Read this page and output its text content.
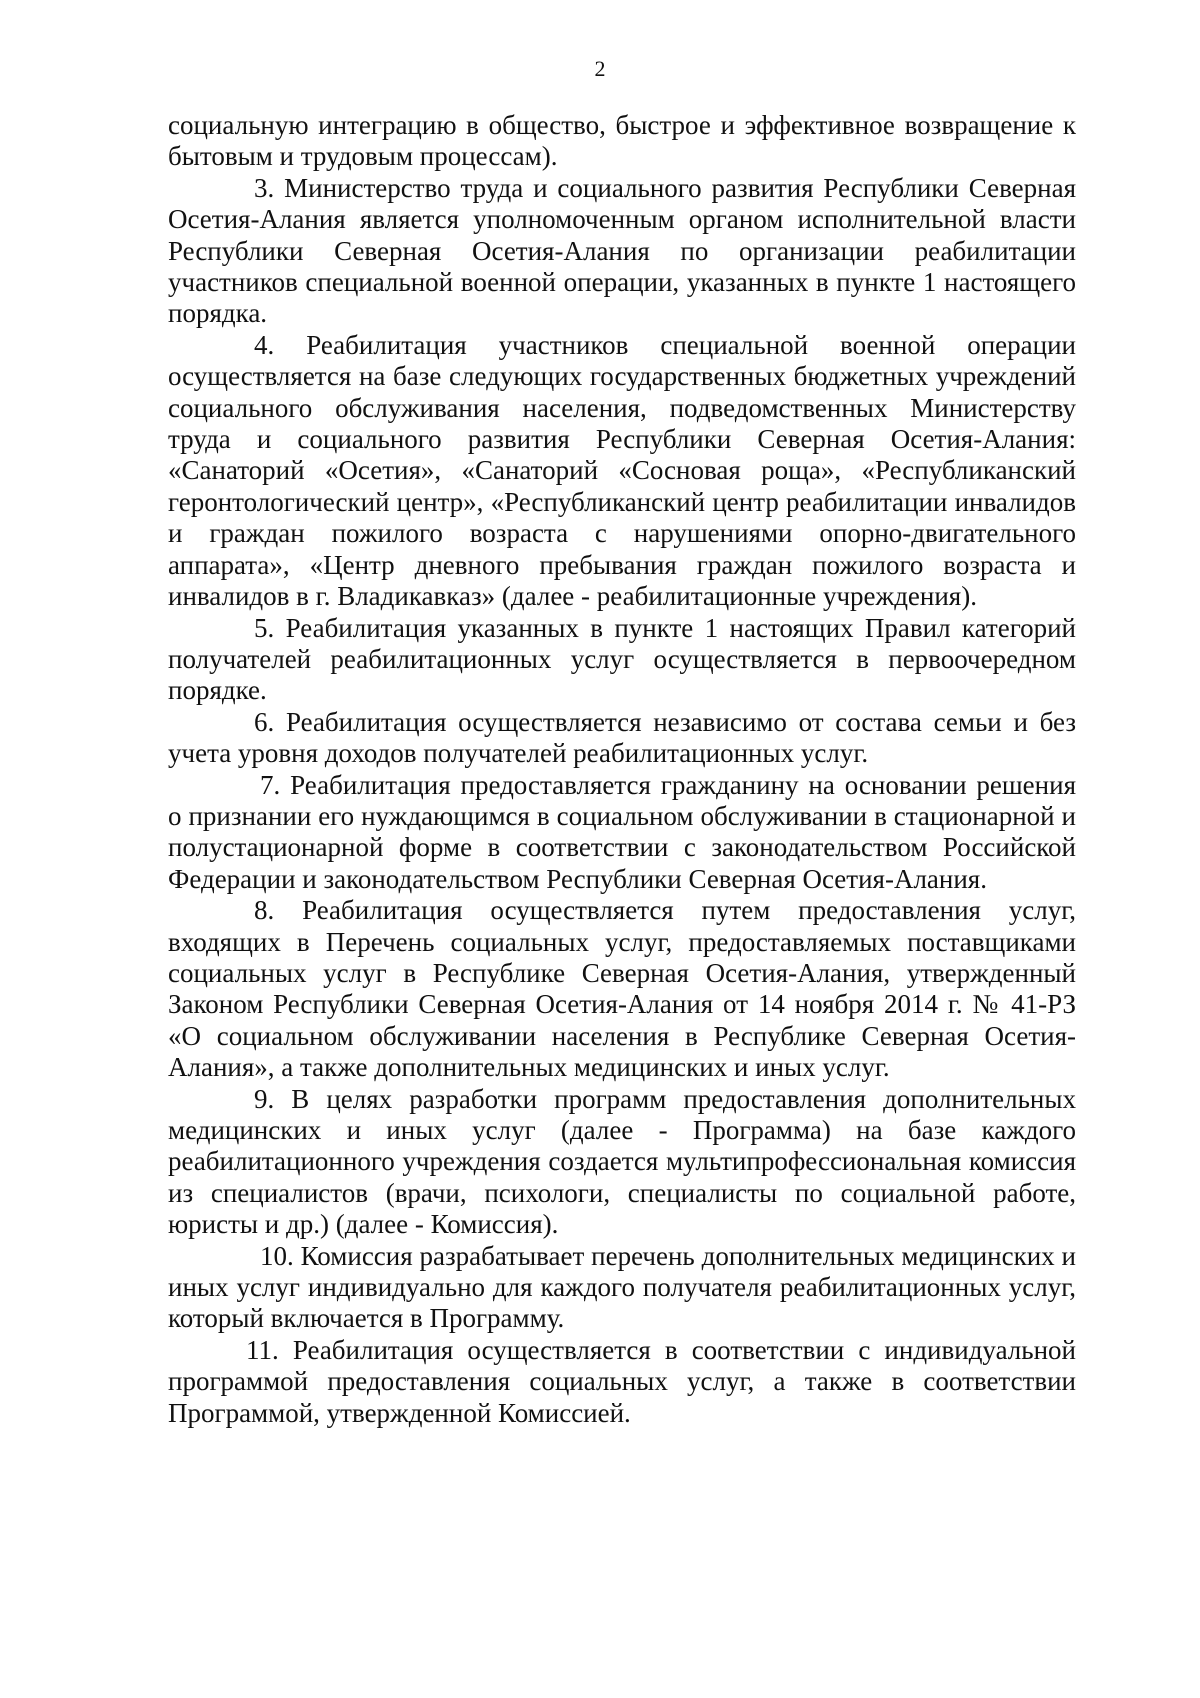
2

социальную интеграцию в общество, быстрое и эффективное возвращение к бытовым и трудовым процессам).

3. Министерство труда и социального развития Республики Северная Осетия-Алания является уполномоченным органом исполнительной власти Республики Северная Осетия-Алания по организации реабилитации участников специальной военной операции, указанных в пункте 1 настоящего порядка.

4. Реабилитация участников специальной военной операции осуществляется на базе следующих государственных бюджетных учреждений социального обслуживания населения, подведомственных Министерству труда и социального развития Республики Северная Осетия-Алания: «Санаторий «Осетия», «Санаторий «Сосновая роща», «Республиканский геронтологический центр», «Республиканский центр реабилитации инвалидов и граждан пожилого возраста с нарушениями опорно-двигательного аппарата», «Центр дневного пребывания граждан пожилого возраста и инвалидов в г. Владикавказ» (далее - реабилитационные учреждения).

5. Реабилитация указанных в пункте 1 настоящих Правил категорий получателей реабилитационных услуг осуществляется в первоочередном порядке.

6. Реабилитация осуществляется независимо от состава семьи и без учета уровня доходов получателей реабилитационных услуг.

7. Реабилитация предоставляется гражданину на основании решения о признании его нуждающимся в социальном обслуживании в стационарной и полустационарной форме в соответствии с законодательством Российской Федерации и законодательством Республики Северная Осетия-Алания.

8. Реабилитация осуществляется путем предоставления услуг, входящих в Перечень социальных услуг, предоставляемых поставщиками социальных услуг в Республике Северная Осетия-Алания, утвержденный Законом Республики Северная Осетия-Алания от 14 ноября 2014 г. № 41-РЗ «О социальном обслуживании населения в Республике Северная Осетия-Алания», а также дополнительных медицинских и иных услуг.

9. В целях разработки программ предоставления дополнительных медицинских и иных услуг (далее - Программа) на базе каждого реабилитационного учреждения создается мультипрофессиональная комиссия из специалистов (врачи, психологи, специалисты по социальной работе, юристы и др.) (далее - Комиссия).

10. Комиссия разрабатывает перечень дополнительных медицинских и иных услуг индивидуально для каждого получателя реабилитационных услуг, который включается в Программу.

11. Реабилитация осуществляется в соответствии с индивидуальной программой предоставления социальных услуг, а также в соответствии Программой, утвержденной Комиссией.
